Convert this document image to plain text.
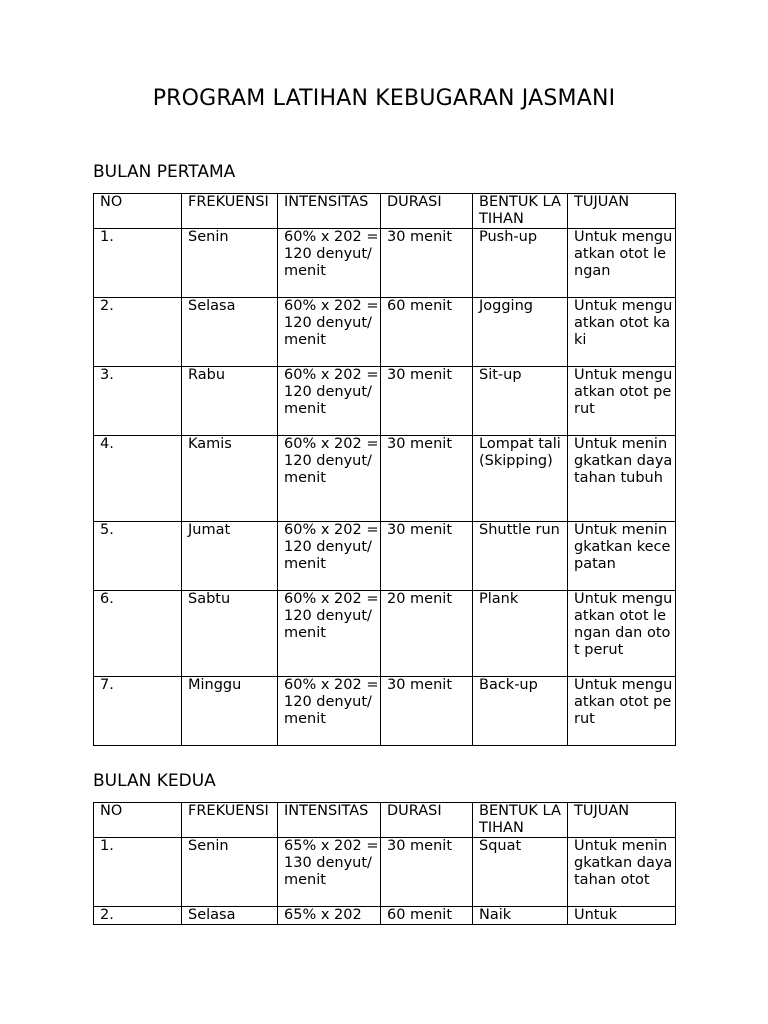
PROGRAM LATIHAN KEBUGARAN JASMANI
BULAN PERTAMA
NO	FREKUENSI	INTENSITAS	DURASI	BENTUK LATIHAN	TUJUAN
1.	Senin	60% x 202 = 120 denyut/menit	30 menit	Push-up	Untuk menguatkan otot lengan
2.	Selasa	60% x 202 = 120 denyut/menit	60 menit	Jogging	Untuk menguatkan otot kaki
3.	Rabu	60% x 202 = 120 denyut/menit	30 menit	Sit-up	Untuk menguatkan otot perut
4.	Kamis	60% x 202 = 120 denyut/menit	30 menit	Lompat tali (Skipping)	Untuk meningkatkan daya tahan tubuh
5.	Jumat	60% x 202 = 120 denyut/menit	30 menit	Shuttle run	Untuk meningkatkan kecepatan
6.	Sabtu	60% x 202 = 120 denyut/menit	20 menit	Plank	Untuk menguatkan otot lengan dan otot perut
7.	Minggu	60% x 202 = 120 denyut/menit	30 menit	Back-up	Untuk menguatkan otot perut
BULAN KEDUA
NO	FREKUENSI	INTENSITAS	DURASI	BENTUK LATIHAN	TUJUAN
1.	Senin	65% x 202 = 130 denyut/menit	30 menit	Squat	Untuk meningkatkan daya tahan otot
2.	Selasa	65% x 202	60 menit	Naik	Untuk
